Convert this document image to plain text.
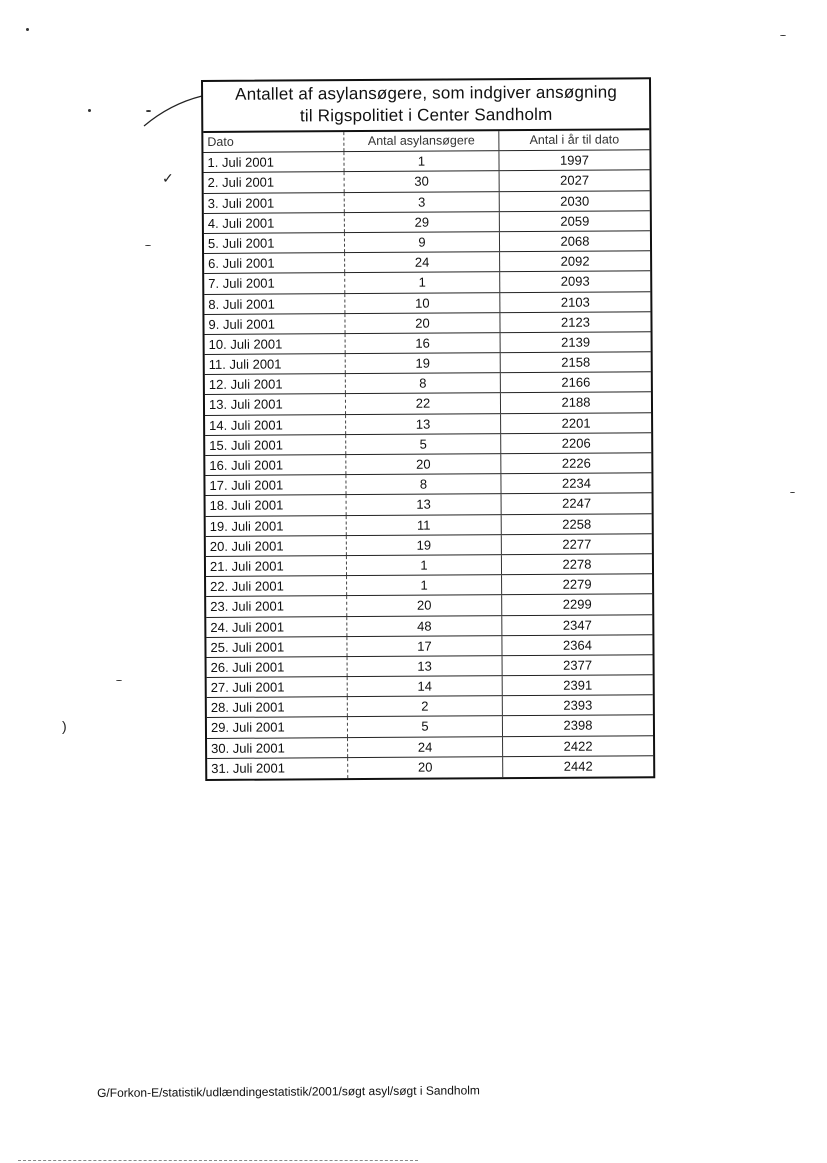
✓
)
Antallet af asylansøgere, som indgiver ansøgning
til Rigspolitiet i Center Sandholm
Dato	Antal asylansøgere	Antal i år til dato
1. Juli 2001	1	1997
2. Juli 2001	30	2027
3. Juli 2001	3	2030
4. Juli 2001	29	2059
5. Juli 2001	9	2068
6. Juli 2001	24	2092
7. Juli 2001	1	2093
8. Juli 2001	10	2103
9. Juli 2001	20	2123
10. Juli 2001	16	2139
11. Juli 2001	19	2158
12. Juli 2001	8	2166
13. Juli 2001	22	2188
14. Juli 2001	13	2201
15. Juli 2001	5	2206
16. Juli 2001	20	2226
17. Juli 2001	8	2234
18. Juli 2001	13	2247
19. Juli 2001	11	2258
20. Juli 2001	19	2277
21. Juli 2001	1	2278
22. Juli 2001	1	2279
23. Juli 2001	20	2299
24. Juli 2001	48	2347
25. Juli 2001	17	2364
26. Juli 2001	13	2377
27. Juli 2001	14	2391
28. Juli 2001	2	2393
29. Juli 2001	5	2398
30. Juli 2001	24	2422
31. Juli 2001	20	2442
G/Forkon-E/statistik/udlændingestatistik/2001/søgt asyl/søgt i Sandholm
